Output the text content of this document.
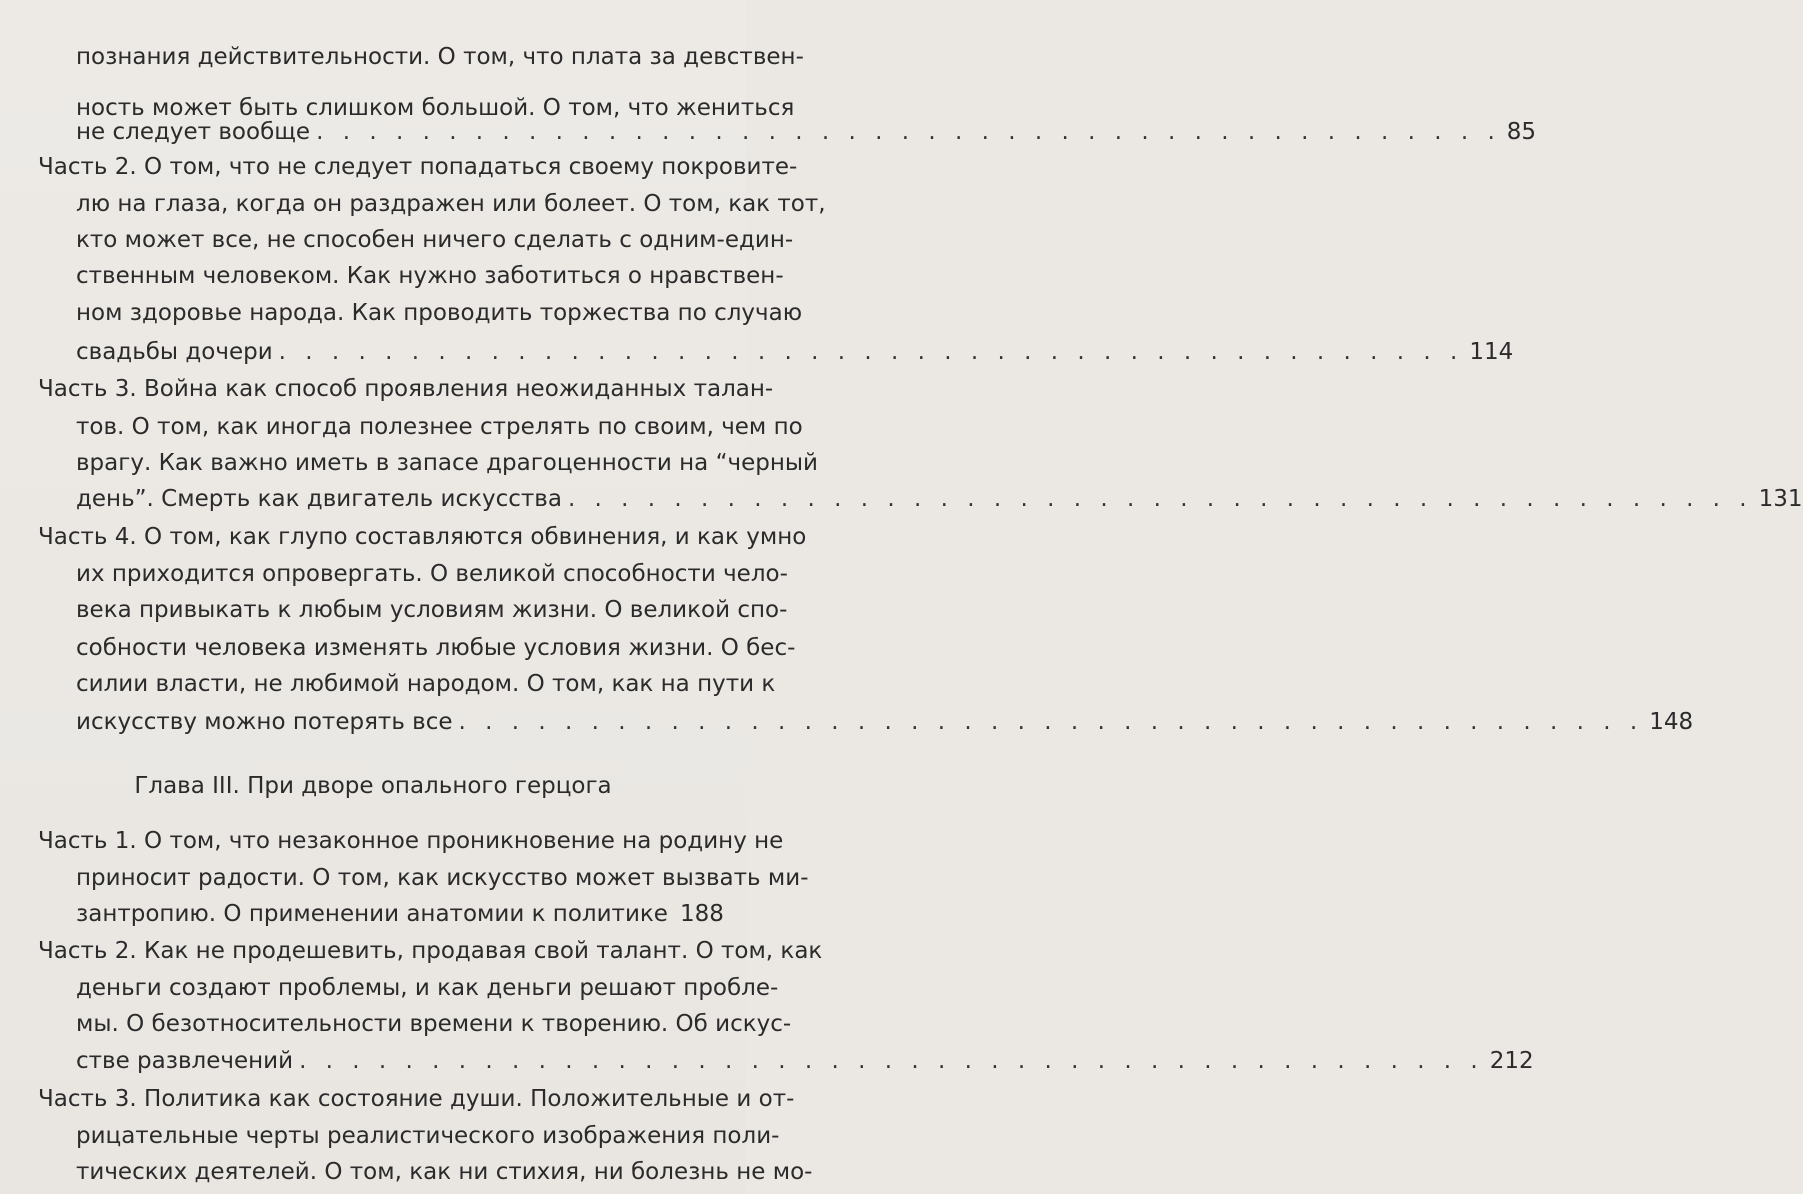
познания действительности. О том, что плата за девствен-
ность может быть слишком большой. О том, что жениться
не следует вообще . . . . . . . . . . . . . . . . . . . . . . . . . . . . . . . . . . . . . . . . . . . . . 85
Часть 2. О том, что не следует попадаться своему покровите-
лю на глаза, когда он раздражен или болеет. О том, как тот,
кто может все, не способен ничего сделать с одним-един-
ственным человеком. Как нужно заботиться о нравствен-
ном здоровье народа. Как проводить торжества по случаю
свадьбы дочери . . . . . . . . . . . . . . . . . . . . . . . . . . . . . . . . . . . . . . . . . . . . . 114
Часть 3. Война как способ проявления неожиданных талан-
тов. О том, как иногда полезнее стрелять по своим, чем по
врагу. Как важно иметь в запасе драгоценности на “черный
день”. Смерть как двигатель искусства . . . . . . . . . . . . . . . . . . . . . . . . . . . . . . . . . . . . . . . . . . . . . 131
Часть 4. О том, как глупо составляются обвинения, и как умно
их приходится опровергать. О великой способности чело-
века привыкать к любым условиям жизни. О великой спо-
собности человека изменять любые условия жизни. О бес-
силии власти, не любимой народом. О том, как на пути к
искусству можно потерять все . . . . . . . . . . . . . . . . . . . . . . . . . . . . . . . . . . . . . . . . . . . . . 148
Глава III. При дворе опального герцога
Часть 1. О том, что незаконное проникновение на родину не
приносит радости. О том, как искусство может вызвать ми-
зантропию. О применении анатомии к политике 188
Часть 2. Как не продешевить, продавая свой талант. О том, как
деньги создают проблемы, и как деньги решают пробле-
мы. О безотносительности времени к творению. Об искус-
стве развлечений . . . . . . . . . . . . . . . . . . . . . . . . . . . . . . . . . . . . . . . . . . . . . 212
Часть 3. Политика как состояние души. Положительные и от-
рицательные черты реалистического изображения поли-
тических деятелей. О том, как ни стихия, ни болезнь не мо-
